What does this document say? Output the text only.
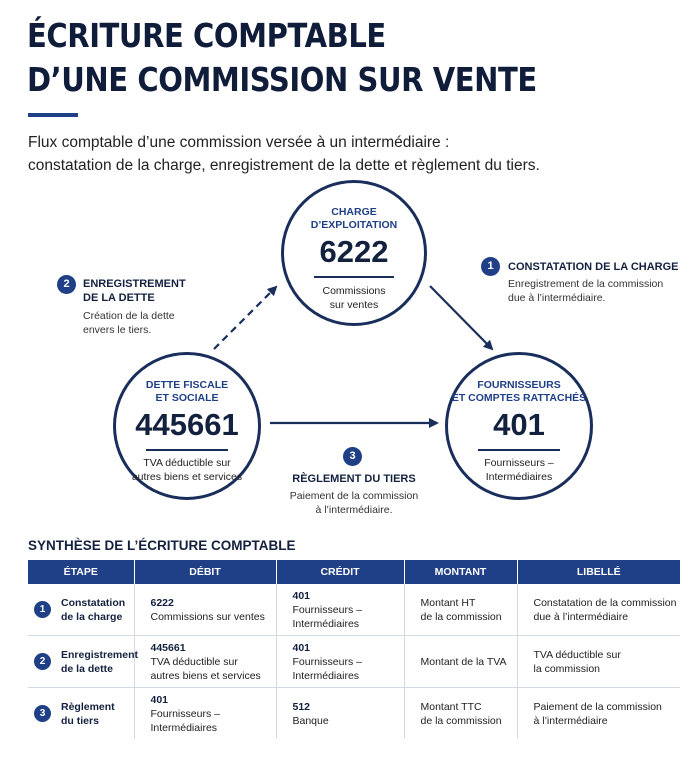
ÉCRITURE COMPTABLE
D’UNE COMMISSION SUR VENTE
Flux comptable d’une commission versée à un intermédiaire :
constatation de la charge, enregistrement de la dette et règlement du tiers.
CHARGE
D’EXPLOITATION
6222
Commissions
sur ventes
DETTE FISCALE
ET SOCIALE
445661
TVA déductible sur
autres biens et services
FOURNISSEURS
ET COMPTES RATTACHÉS
401
Fournisseurs –
Intermédiaires
1	CONSTATATION DE LA CHARGE
Enregistrement de la commission
due à l’intermédiaire.
2	ENREGISTREMENT
DE LA DETTE
Création de la dette
envers le tiers.
3
RÈGLEMENT DU TIERS
Paiement de la commission
à l’intermédiaire.
SYNTHÈSE DE L’ÉCRITURE COMPTABLE
ÉTAPE	DÉBIT	CRÉDIT	MONTANT	LIBELLÉ

1
Constatation
de la charge	6222
Commissions sur ventes	401
Fournisseurs –
Intermédiaires	Montant HT
de la commission	Constatation de la commission
due à l’intermédiaire

2
Enregistrement
de la dette	445661
TVA déductible sur
autres biens et services	401
Fournisseurs –
Intermédiaires	Montant de la TVA	TVA déductible sur
la commission

3
Règlement
du tiers	401
Fournisseurs –
Intermédiaires	512
Banque	Montant TTC
de la commission	Paiement de la commission
à l’intermédiaire
